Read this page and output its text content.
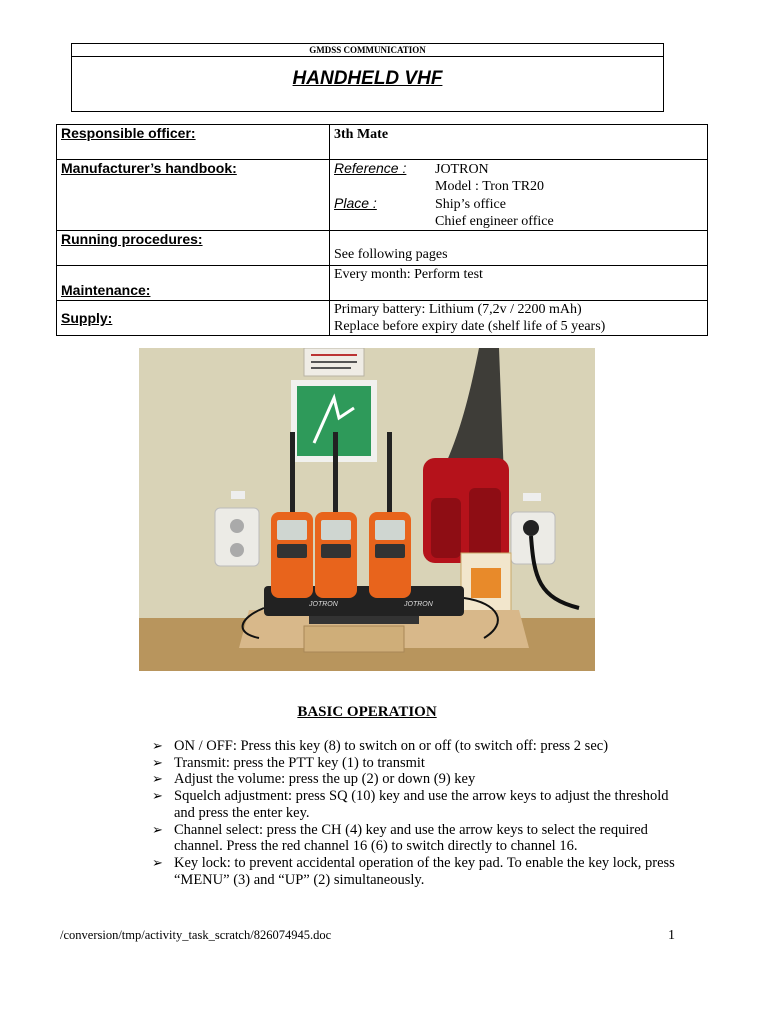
GMDSS COMMUNICATION
HANDHELD VHF
Responsible officer:	3th Mate

Manufacturer’s handbook:	Reference : JOTRON
Model : Tron TR20
Place : Ship’s office
Chief engineer office

Running procedures:	See following pages

Maintenance:	Every month: Perform test

Supply:	Primary battery: Lithium (7,2v / 2200 mAh)
Replace before expiry date (shelf life of 5 years)
JOTRON	JOTRON
BASIC OPERATION
➢ ON / OFF: Press this key (8) to switch on or off (to switch off: press 2 sec)
➢ Transmit: press the PTT key (1) to transmit
➢ Adjust the volume: press the up (2) or down (9) key
➢ Squelch adjustment: press SQ (10) key and use the arrow keys to adjust the threshold and press the enter key.
➢ Channel select: press the CH (4) key and use the arrow keys to select the required channel. Press the red channel 16 (6) to switch directly to channel 16.
➢ Key lock: to prevent accidental operation of the key pad. To enable the key lock, press “MENU” (3) and “UP” (2) simultaneously.
/conversion/tmp/activity_task_scratch/826074945.doc	1
